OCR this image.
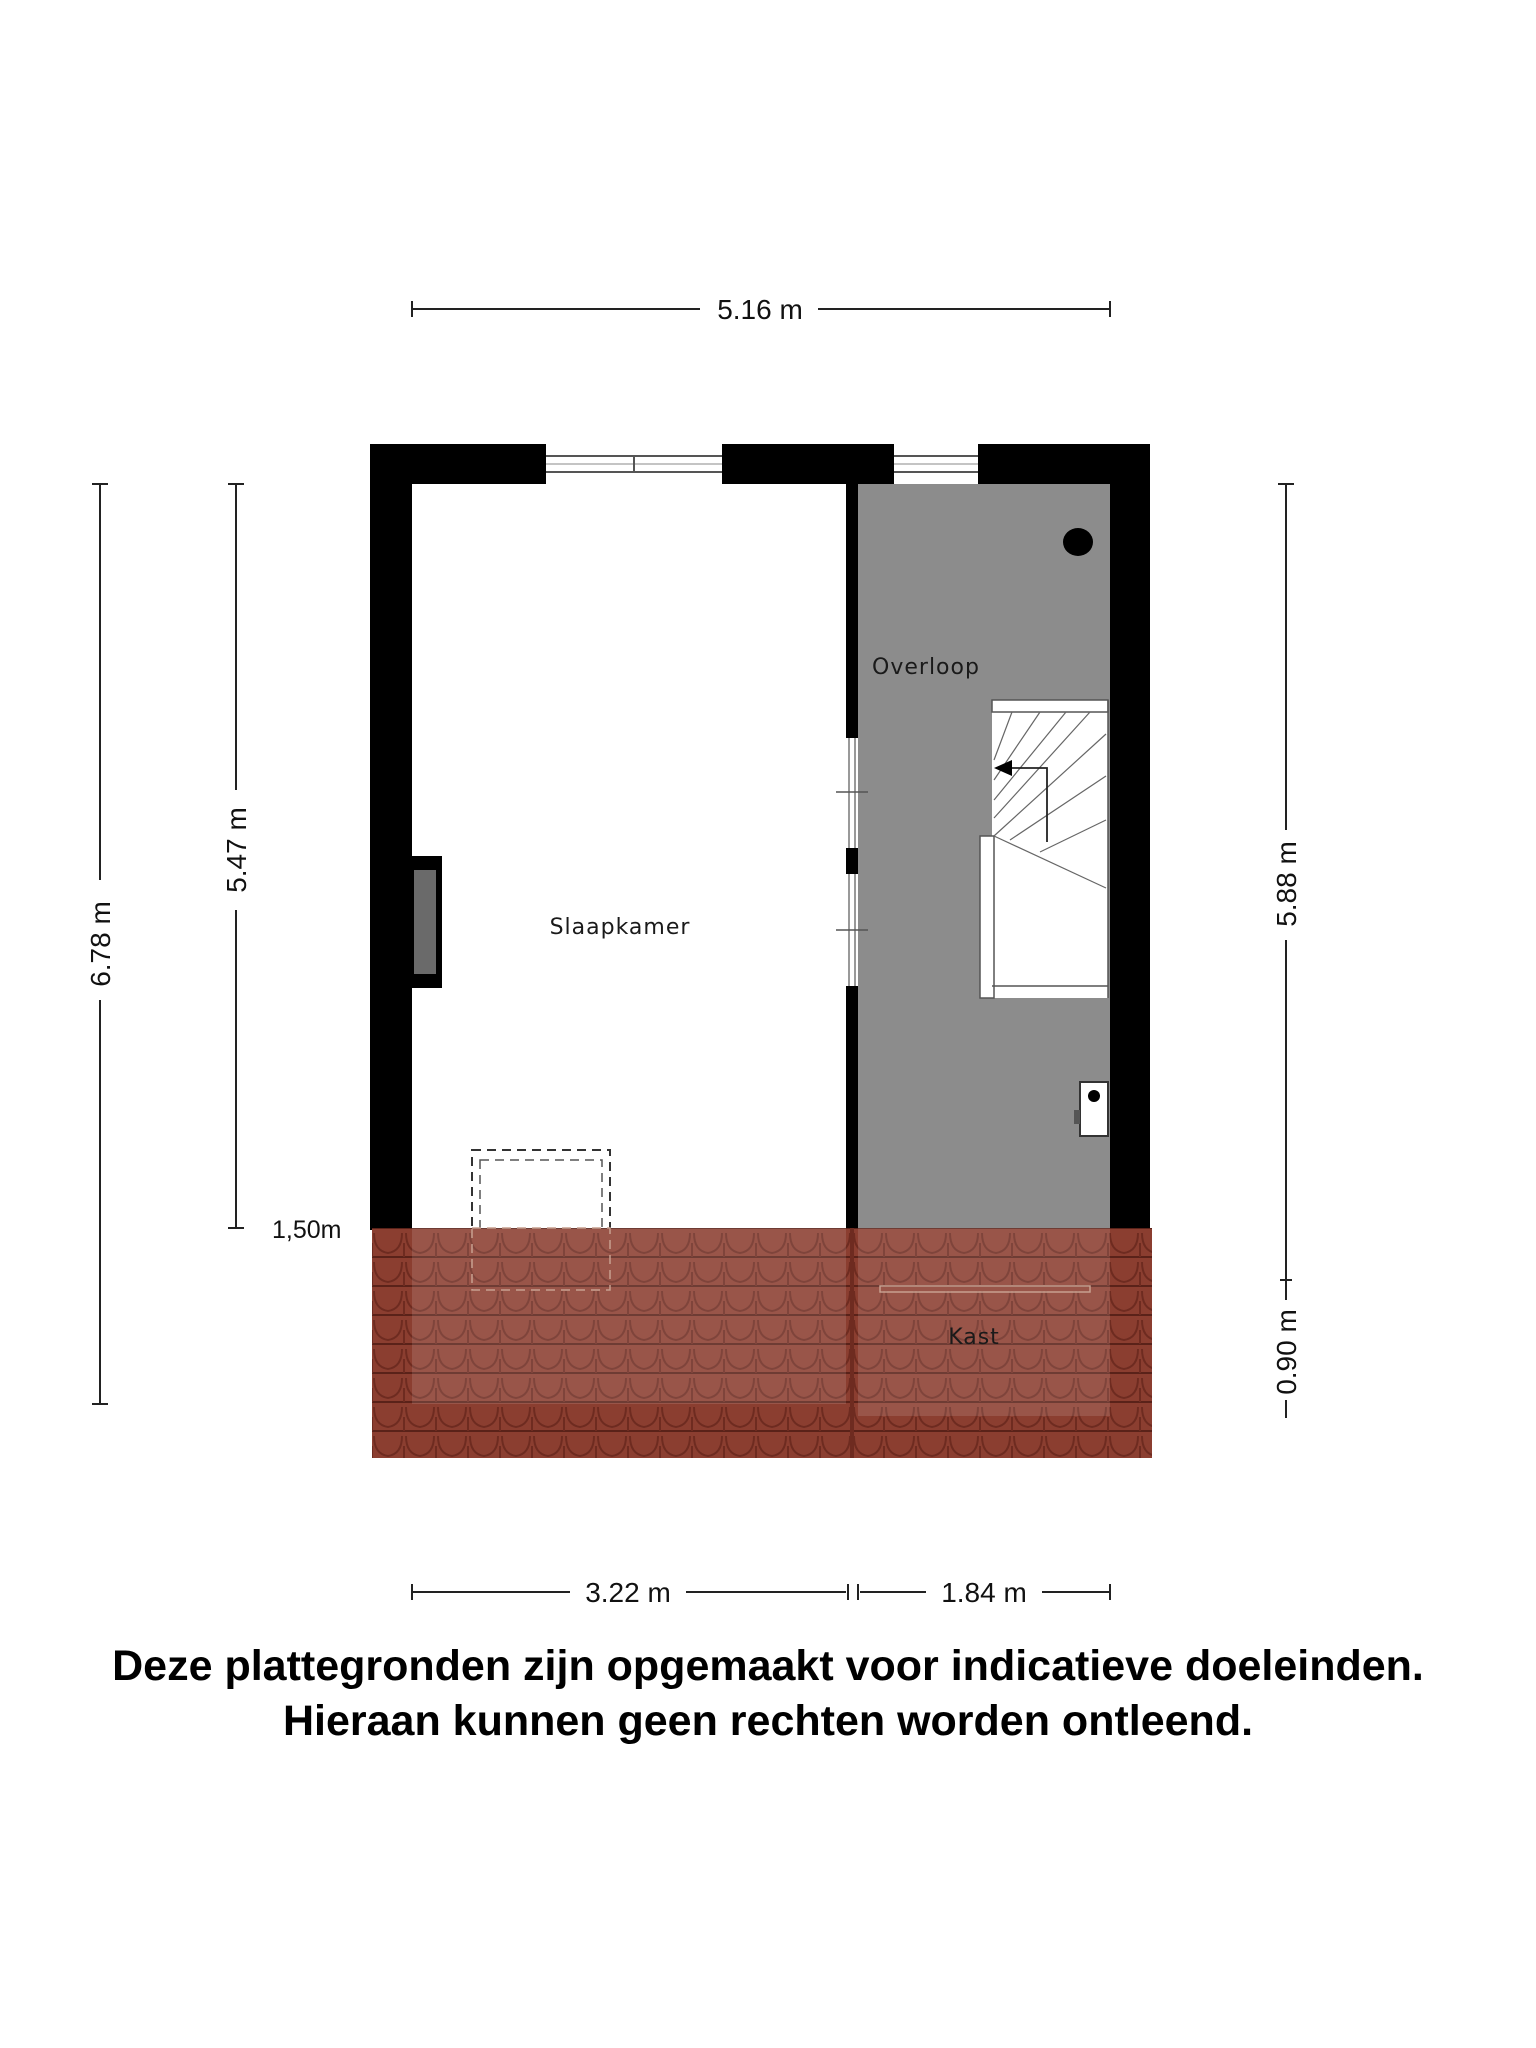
5.16 m
6.78 m
5.47 m
1,50m
5.88 m
0.90 m
3.22 m	1.84 m
Slaapkamer
Overloop
Kast

Deze plattegronden zijn opgemaakt voor indicatieve doeleinden.

Hieraan kunnen geen rechten worden ontleend.
